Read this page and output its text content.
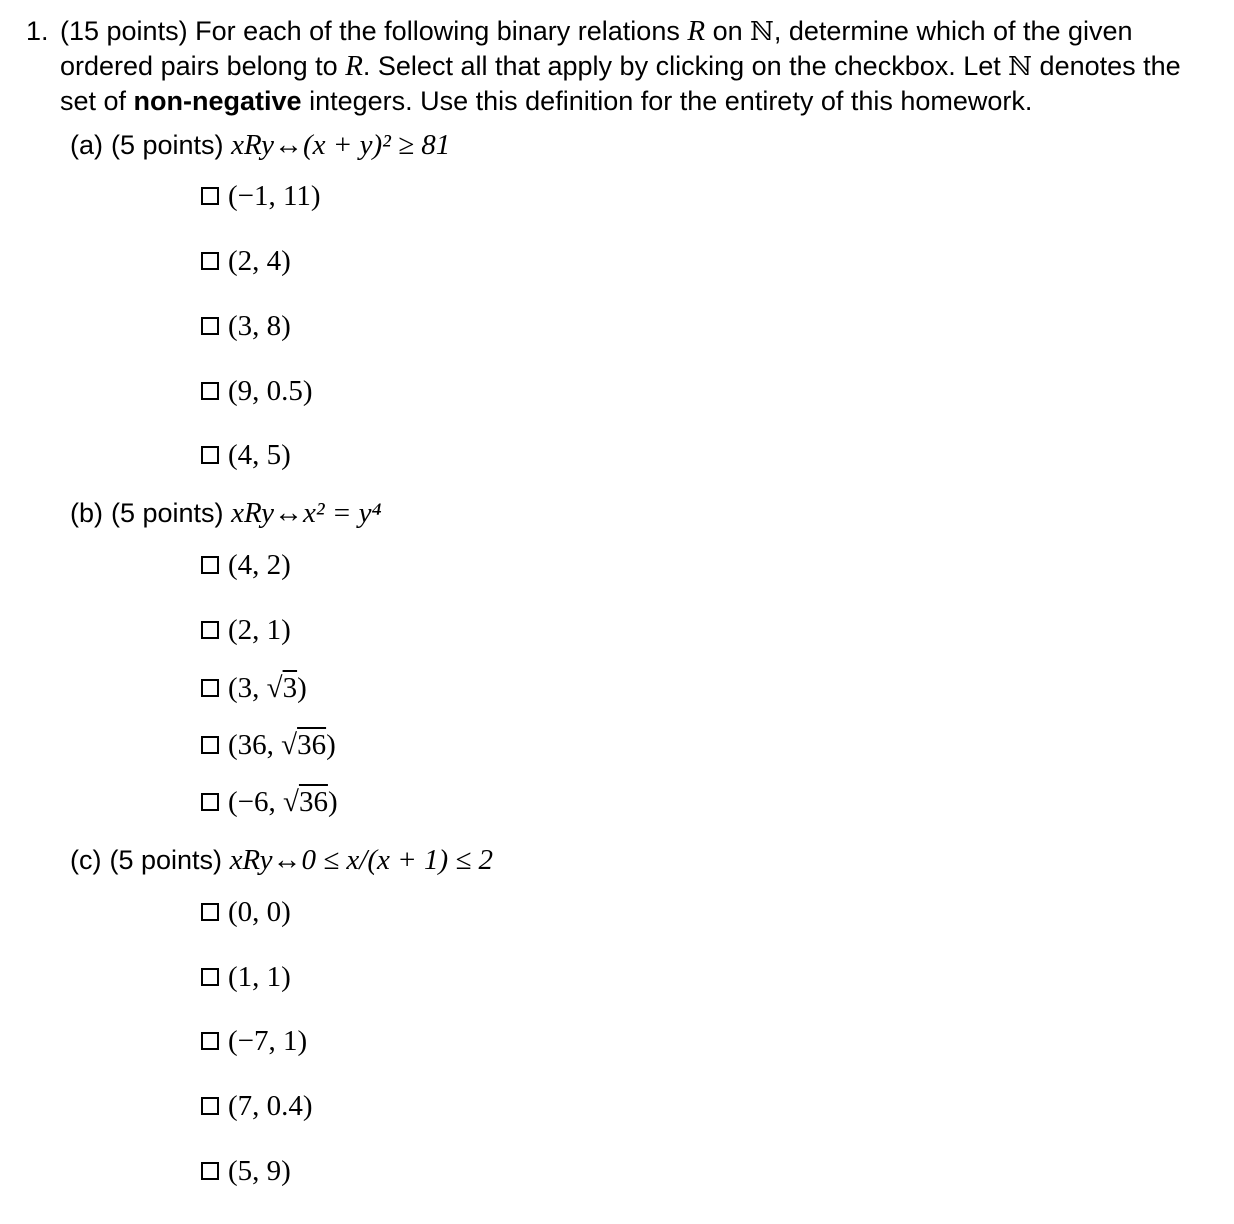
1. (15 points) For each of the following binary relations R on ℕ, determine which of the given ordered pairs belong to R. Select all that apply by clicking on the checkbox. Let ℕ denotes the set of non-negative integers. Use this definition for the entirety of this homework.
(a) (5 points) xRy↔(x + y)² ≥ 81
(−1, 11)
(2, 4)
(3, 8)
(9, 0.5)
(4, 5)
(b) (5 points) xRy↔x² = y⁴
(4, 2)
(2, 1)
(3, √3)
(36, √36)
(−6, √36)
(c) (5 points) xRy↔0 ≤ x/(x + 1) ≤ 2
(0, 0)
(1, 1)
(−7, 1)
(7, 0.4)
(5, 9)
